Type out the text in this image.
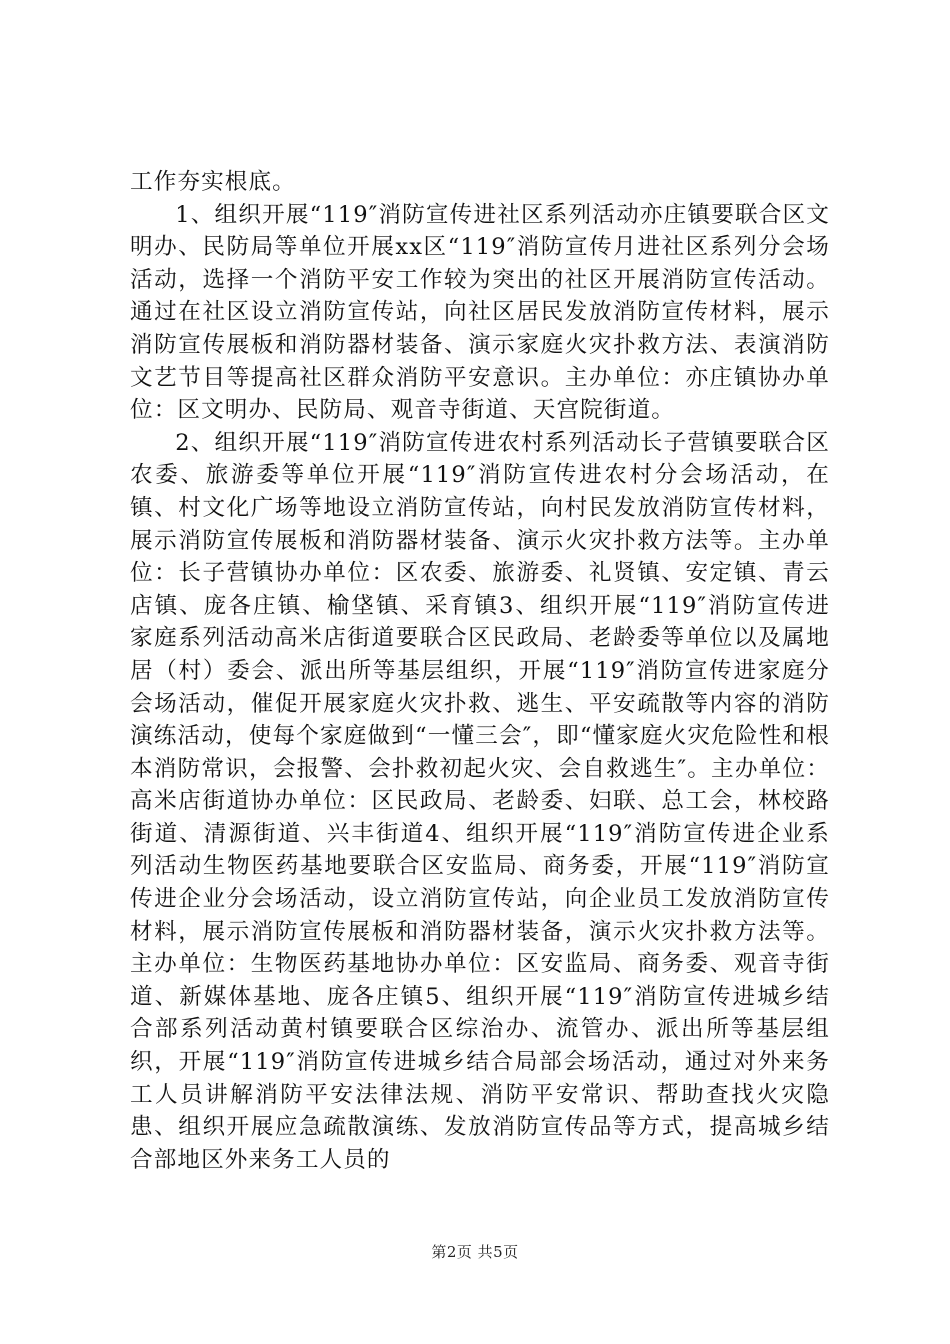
工作夯实根底。

1、组织开展“119″消防宣传进社区系列活动亦庄镇要联合区文明办、民防局等单位开展xx区“119″消防宣传月进社区系列分会场活动，选择一个消防平安工作较为突出的社区开展消防宣传活动。通过在社区设立消防宣传站，向社区居民发放消防宣传材料，展示消防宣传展板和消防器材装备、演示家庭火灾扑救方法、表演消防文艺节目等提高社区群众消防平安意识。主办单位：亦庄镇协办单位：区文明办、民防局、观音寺街道、天宫院街道。

2、组织开展“119″消防宣传进农村系列活动长子营镇要联合区农委、旅游委等单位开展“119″消防宣传进农村分会场活动，在镇、村文化广场等地设立消防宣传站，向村民发放消防宣传材料，展示消防宣传展板和消防器材装备、演示火灾扑救方法等。主办单位：长子营镇协办单位：区农委、旅游委、礼贤镇、安定镇、青云店镇、庞各庄镇、榆垡镇、采育镇3、组织开展“119″消防宣传进家庭系列活动高米店街道要联合区民政局、老龄委等单位以及属地居（村）委会、派出所等基层组织，开展“119″消防宣传进家庭分会场活动，催促开展家庭火灾扑救、逃生、平安疏散等内容的消防演练活动，使每个家庭做到“一懂三会″，即“懂家庭火灾危险性和根本消防常识，会报警、会扑救初起火灾、会自救逃生″。主办单位：高米店街道协办单位：区民政局、老龄委、妇联、总工会，林校路街道、清源街道、兴丰街道4、组织开展“119″消防宣传进企业系列活动生物医药基地要联合区安监局、商务委，开展“119″消防宣传进企业分会场活动，设立消防宣传站，向企业员工发放消防宣传材料，展示消防宣传展板和消防器材装备，演示火灾扑救方法等。主办单位：生物医药基地协办单位：区安监局、商务委、观音寺街道、新媒体基地、庞各庄镇5、组织开展“119″消防宣传进城乡结合部系列活动黄村镇要联合区综治办、流管办、派出所等基层组织，开展“119″消防宣传进城乡结合局部会场活动，通过对外来务工人员讲解消防平安法律法规、消防平安常识、帮助查找火灾隐患、组织开展应急疏散演练、发放消防宣传品等方式，提高城乡结合部地区外来务工人员的

第2页 共5页
